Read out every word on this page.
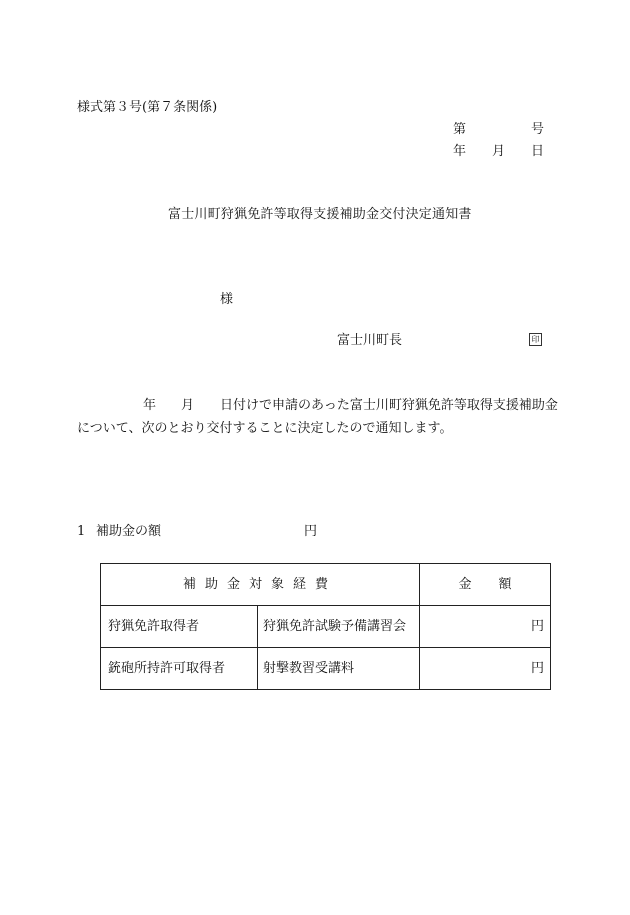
様式第３号(第７条関係)
第	号
年 月 日
富士川町狩猟免許等取得支援補助金交付決定通知書
様
富士川町長	印
年 月 日付けで申請のあった富士川町狩猟免許等取得支援補助金
について、次のとおり交付することに決定したので通知します。
1 補助金の額	円
補助金対象経費		金 額
狩猟免許取得者	狩猟免許試験予備講習会	円
銃砲所持許可取得者	射撃教習受講料	円
